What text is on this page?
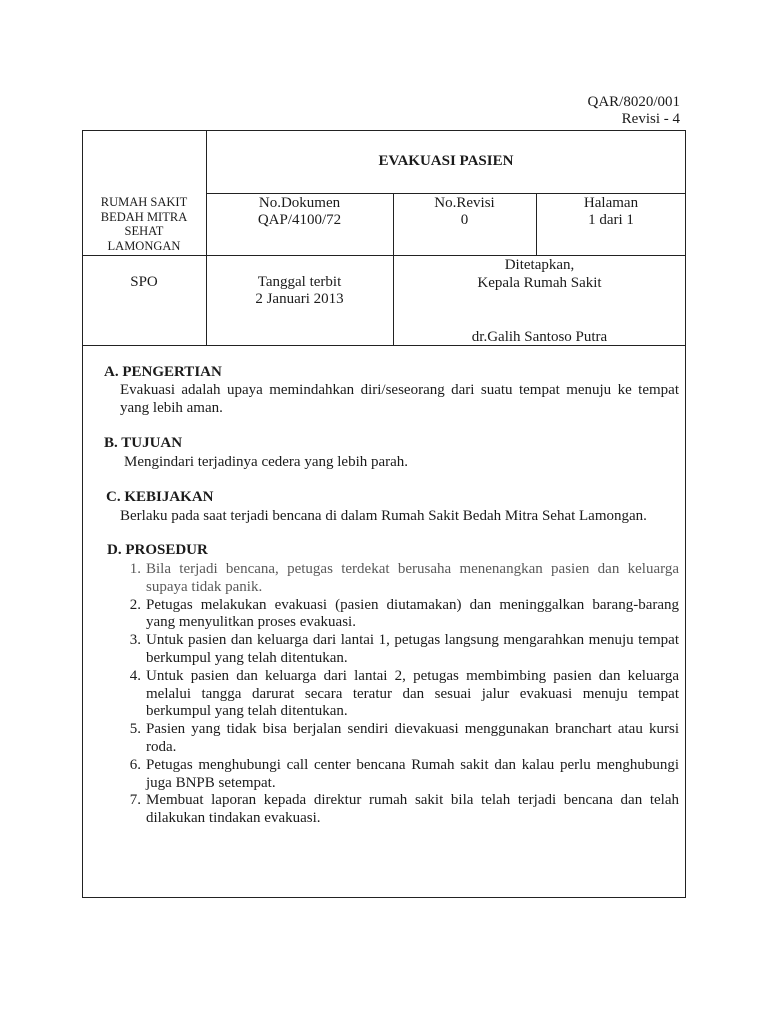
QAR/8020/001
Revisi - 4
RUMAH SAKIT
BEDAH MITRA
SEHAT
LAMONGAN
EVAKUASI PASIEN
No.Dokumen
QAP/4100/72
No.Revisi
0
Halaman
1 dari 1
SPO	Tanggal terbit
2 Januari 2013
Ditetapkan,
Kepala Rumah Sakit
dr.Galih Santoso Putra
A. PENGERTIAN
Evakuasi adalah upaya memindahkan diri/seseorang dari suatu tempat menuju ke tempat
yang lebih aman.
B. TUJUAN
Mengindari terjadinya cedera yang lebih parah.
C. KEBIJAKAN
Berlaku pada saat terjadi bencana di dalam Rumah Sakit Bedah Mitra Sehat Lamongan.
D. PROSEDUR
1. Bila terjadi bencana, petugas terdekat berusaha menenangkan pasien dan keluarga
supaya tidak panik.
2. Petugas melakukan evakuasi (pasien diutamakan) dan meninggalkan barang-barang
yang menyulitkan proses evakuasi.
3. Untuk pasien dan keluarga dari lantai 1, petugas langsung mengarahkan menuju tempat
berkumpul yang telah ditentukan.
4. Untuk pasien dan keluarga dari lantai 2, petugas membimbing pasien dan keluarga
melalui tangga darurat secara teratur dan sesuai jalur evakuasi menuju tempat
berkumpul yang telah ditentukan.
5. Pasien yang tidak bisa berjalan sendiri dievakuasi menggunakan branchart atau kursi
roda.
6. Petugas menghubungi call center bencana Rumah sakit dan kalau perlu menghubungi
juga BNPB setempat.
7. Membuat laporan kepada direktur rumah sakit bila telah terjadi bencana dan telah
dilakukan tindakan evakuasi.
